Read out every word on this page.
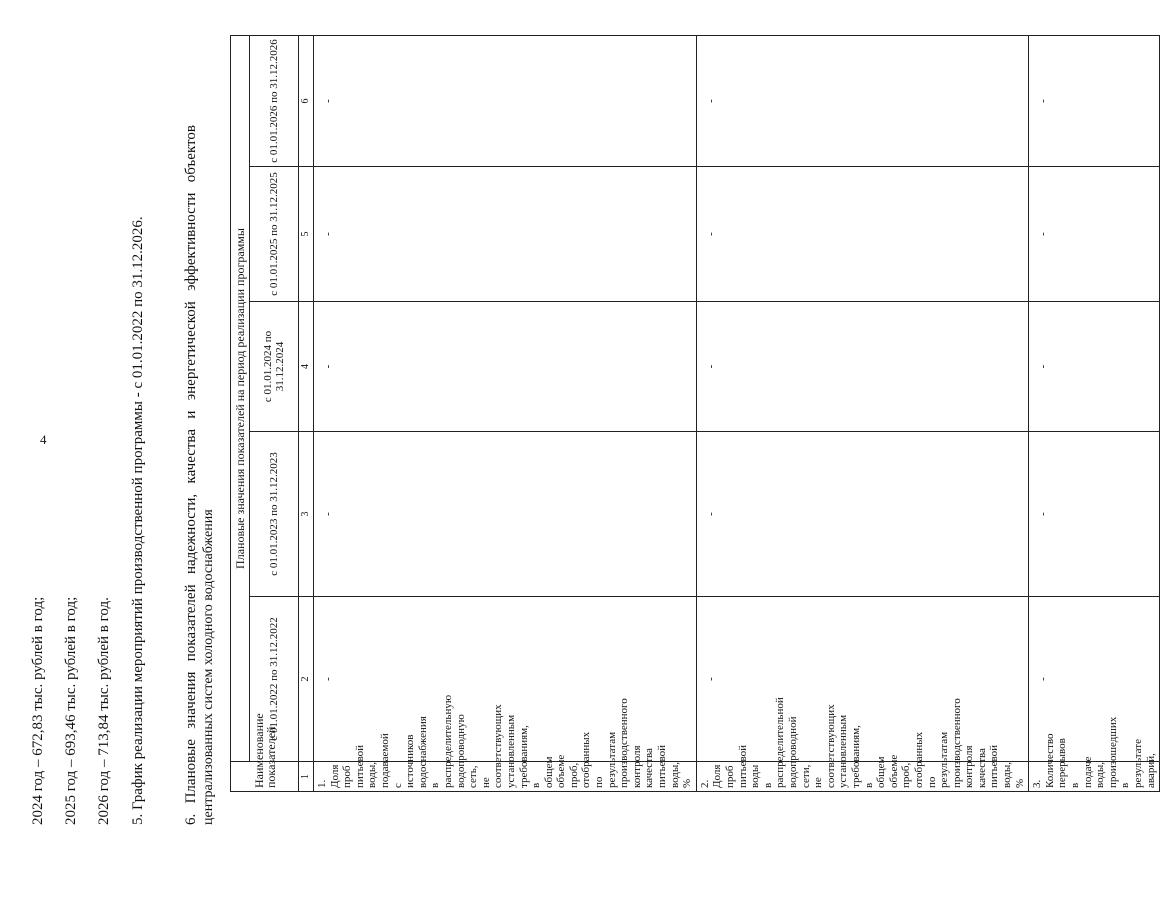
4
2024 год – 672,83 тыс. рублей в год; 2025 год – 693,46 тыс. рублей в год; 2026 год – 713,84 тыс. рублей в год. 5. График реализации мероприятий производственной программы - с 01.01.2022 по 31.12.2026. 6.
Плановые
значения
показателей
надежности,
качества
и
энергетической
эффективности
объектов
централизованных систем холодного водоснабжения	Наименование показателей	Плановые значения показателей на период реализации программы				
	с 01.01.2022 по 31.12.2022	с 01.01.2023 по 31.12.2023	с 01.01.2024 по 31.12.2024	с 01.01.2025 по 31.12.2025	с 01.01.2026 по 31.12.2026
1	2	3	4	5	6
1. Доля проб питьевой воды, подаваемой с источников водоснабжения в распределительную водопроводную сеть, не соответствующих установленным требованиям, в общем объеме проб, отобранных по результатам производственного контроля качества питьевой воды, %	-	-	-	-	-
2. Доля проб питьевой воды в распределительной водопроводной сети, не соответствующих установленным требованиям, в общем объеме проб, отобранных по результатам производственного контроля качества питьевой воды, %	-	-	-	-	-
3. Количество перерывов в подаче воды, произошедших в результате аварий,	-	-	-	-	-
